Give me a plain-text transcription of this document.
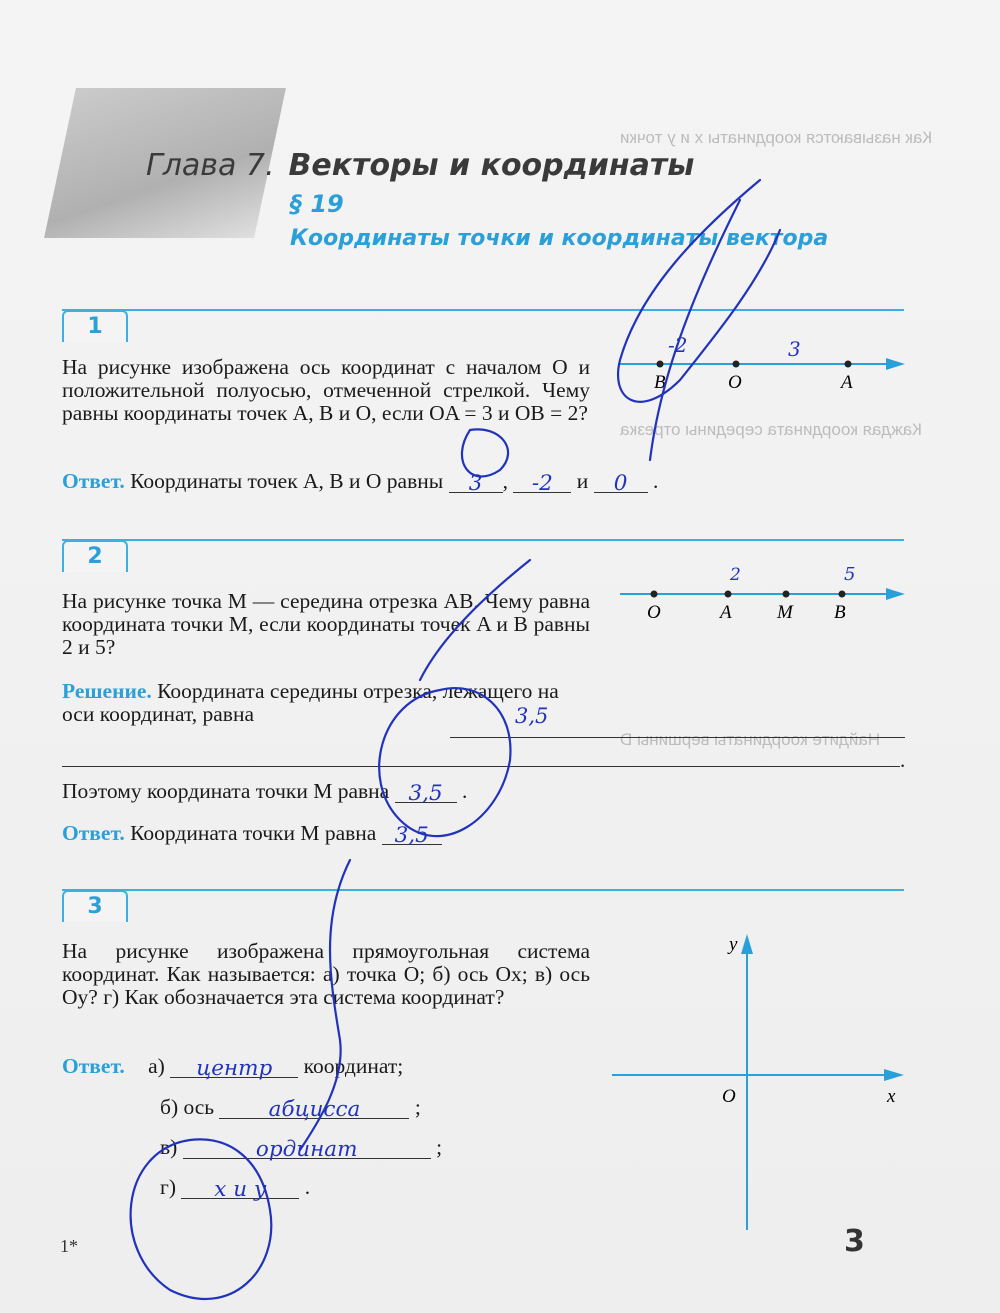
Как называются координаты x и y точки
Каждая координата середины отрезка
Найдите координаты вершины D
Глава 7. Векторы и координаты
§ 19
Координаты точки и координаты вектора
1
На рисунке изображена ось координат с началом O и положительной полуосью, отмеченной стрелкой. Чему равны координаты точек A, B и O, если OA = 3 и OB = 2?
B	O	A
-2	3
Ответ. Координаты точек A, B и O равны 3 , -2 и 0 .
2
На рисунке точка M — середина отрезка AB. Чему равна координата точки M, если координаты точек A и B равны 2 и 5?
O	A M B
2	5
Решение. Координата середины отрезка, лежащего на оси координат, равна	3,5
.
Поэтому координата точки M равна 3,5 .
Ответ. Координата точки M равна 3,5
3
На рисунке изображена прямоугольная система координат. Как называется: а) точка O; б) ось Ox; в) ось Oy? г) Как обозначается эта система координат?
y
x
O
Ответ. а) центр координат;
б) ось	абцисса	;
в)	ординат	;
г) х и у .
1*	3
